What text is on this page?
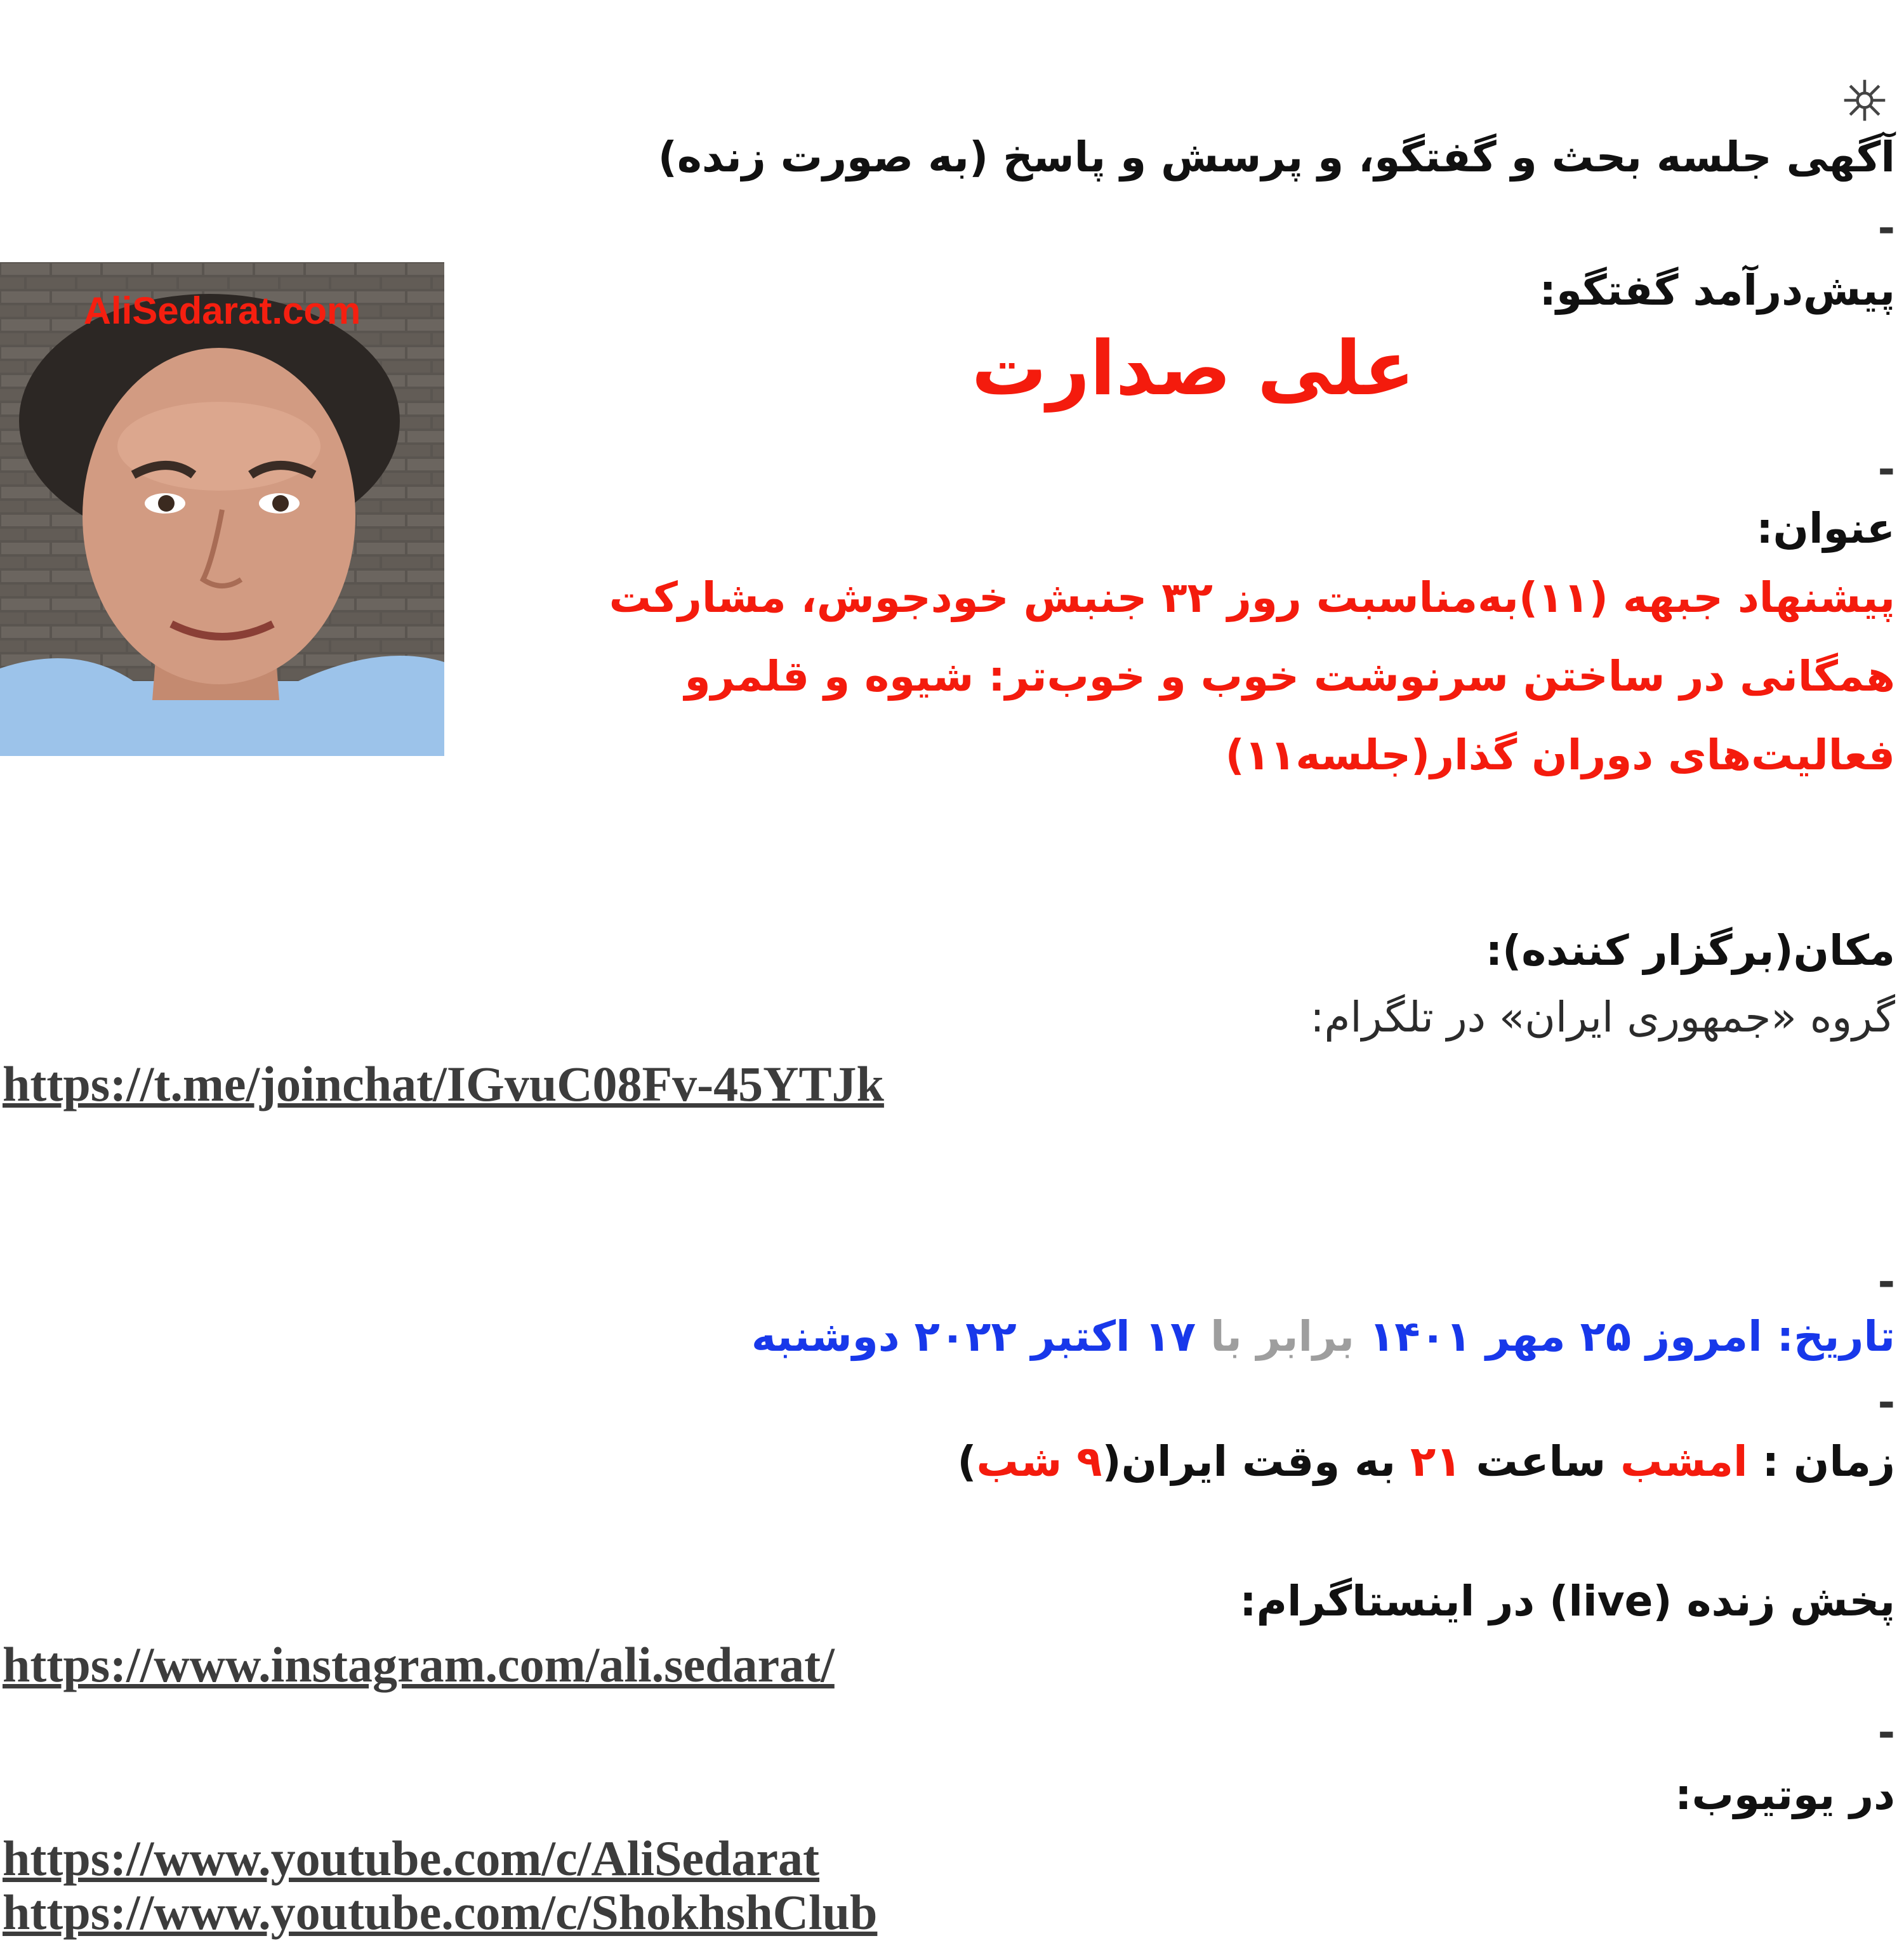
آگهی جلسه بحث و گفتگو، و پرسش و پاسخ (به صورت زنده)
-
پیش‌درآمد گفتگو:
AliSedarat.com
علی صدارت
-
عنوان:
پیشنهاد جبهه (۱۱)به‌مناسبت روز ۳۲ جنبش خودجوش، مشارکت همگانی در ساختن سرنوشت خوب و خوب‌تر: شیوه و قلمرو فعالیت‌های دوران گذار(جلسه۱۱)
مکان(برگزار کننده):
گروه «جمهوری ایران» در تلگرام:
https://t.me/joinchat/IGvuC08Fv-45YTJk
-
تاریخ: امروز ۲۵ مهر ۱۴۰۱ برابر با ۱۷ اکتبر ۲۰۲۲ دوشنبه
-
زمان : امشب ساعت ۲۱ به وقت ایران(۹ شب)
پخش زنده (live) در اینستاگرام:
https://www.instagram.com/ali.sedarat/
-
در یوتیوب:
https://www.youtube.com/c/AliSedarat
https://www.youtube.com/c/ShokhshClub
